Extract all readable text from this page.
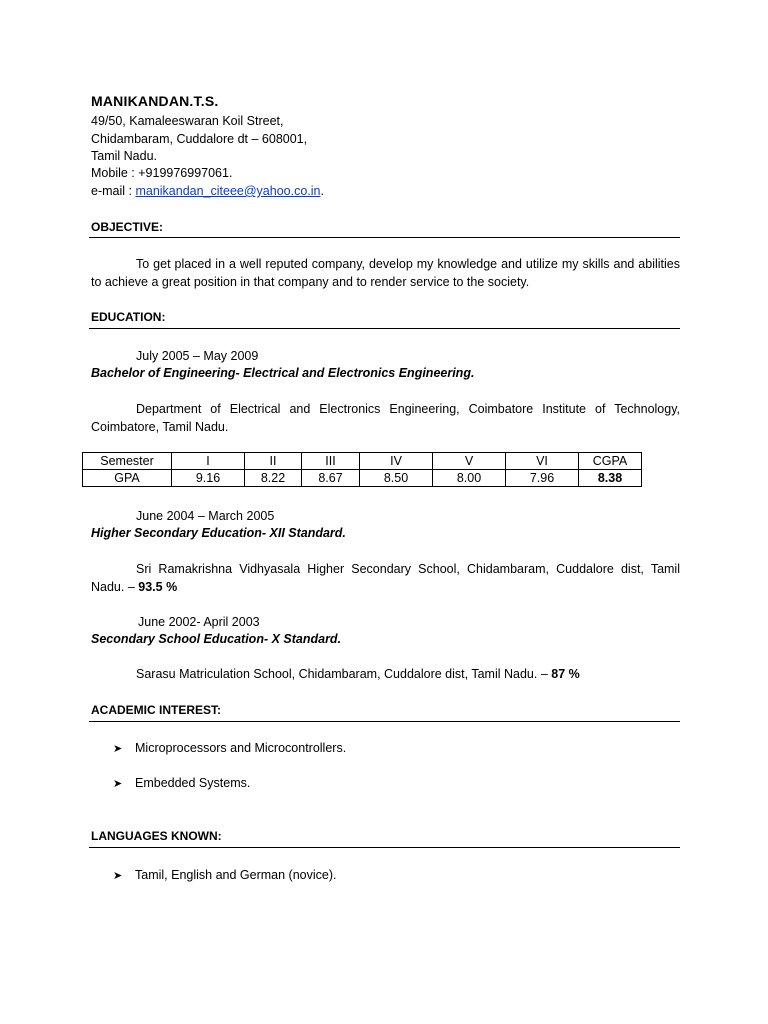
MANIKANDAN.T.S.
49/50, Kamaleeswaran Koil Street,
Chidambaram, Cuddalore dt – 608001,
Tamil Nadu.
Mobile : +919976997061.
e-mail : manikandan_citeee@yahoo.co.in.
OBJECTIVE:
To get placed in a well reputed company, develop my knowledge and utilize my skills and abilities to achieve a great position in that company and to render service to the society.
EDUCATION:
July 2005 – May 2009
Bachelor of Engineering- Electrical and Electronics Engineering.
Department of Electrical and Electronics Engineering, Coimbatore Institute of Technology, Coimbatore, Tamil Nadu.
Semester	I	II	III	IV	V	VI	CGPA
GPA	9.16	8.22	8.67	8.50	8.00	7.96	8.38
June 2004 – March 2005
Higher Secondary Education- XII Standard.
Sri Ramakrishna Vidhyasala Higher Secondary School, Chidambaram, Cuddalore dist, Tamil Nadu. – 93.5 %
June 2002- April 2003
Secondary School Education- X Standard.
Sarasu Matriculation School, Chidambaram, Cuddalore dist, Tamil Nadu. – 87 %
ACADEMIC INTEREST:
➤ Microprocessors and Microcontrollers.
➤ Embedded Systems.
LANGUAGES KNOWN:
➤ Tamil, English and German (novice).
